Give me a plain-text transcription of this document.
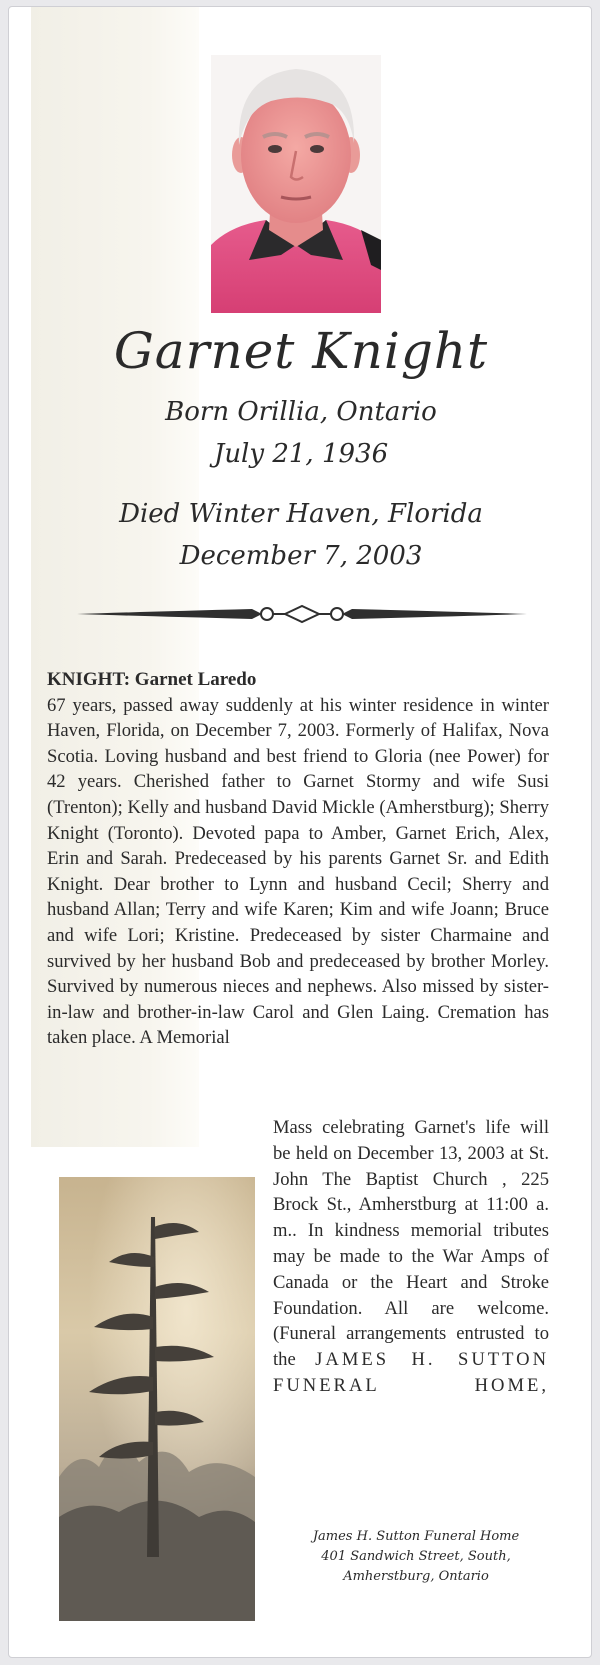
Garnet Knight
Born Orillia, Ontario
July 21, 1936
Died Winter Haven, Florida
December 7, 2003
KNIGHT: Garnet Laredo
67 years, passed away suddenly at his winter residence in winter Haven, Florida, on December 7, 2003. Formerly of Halifax, Nova Scotia. Loving husband and best friend to Gloria (nee Power) for 42 years. Cherished father to Garnet Stormy and wife Susi (Trenton); Kelly and husband David Mickle (Amherstburg); Sherry Knight (Toronto). Devoted papa to Amber, Garnet Erich, Alex, Erin and Sarah. Predeceased by his parents Garnet Sr. and Edith Knight. Dear brother to Lynn and husband Cecil; Sherry and husband Allan; Terry and wife Karen; Kim and wife Joann; Bruce and wife Lori; Kristine. Predeceased by sister Charmaine and survived by her husband Bob and predeceased by brother Morley. Survived by numerous nieces and nephews. Also missed by sister-in-law and brother-in-law Carol and Glen Laing. Cremation has taken place. A Memorial
Mass celebrating Garnet's life will be held on December 13, 2003 at St. John The Baptist Church , 225 Brock St., Amherstburg at 11:00 a. m.. In kindness memorial tributes may be made to the War Amps of Canada or the Heart and Stroke Foundation. All are welcome. (Funeral arrangements entrusted to the JAMES H. SUTTON FUNERAL HOME,
James H. Sutton Funeral Home
401 Sandwich Street, South,
Amherstburg, Ontario
